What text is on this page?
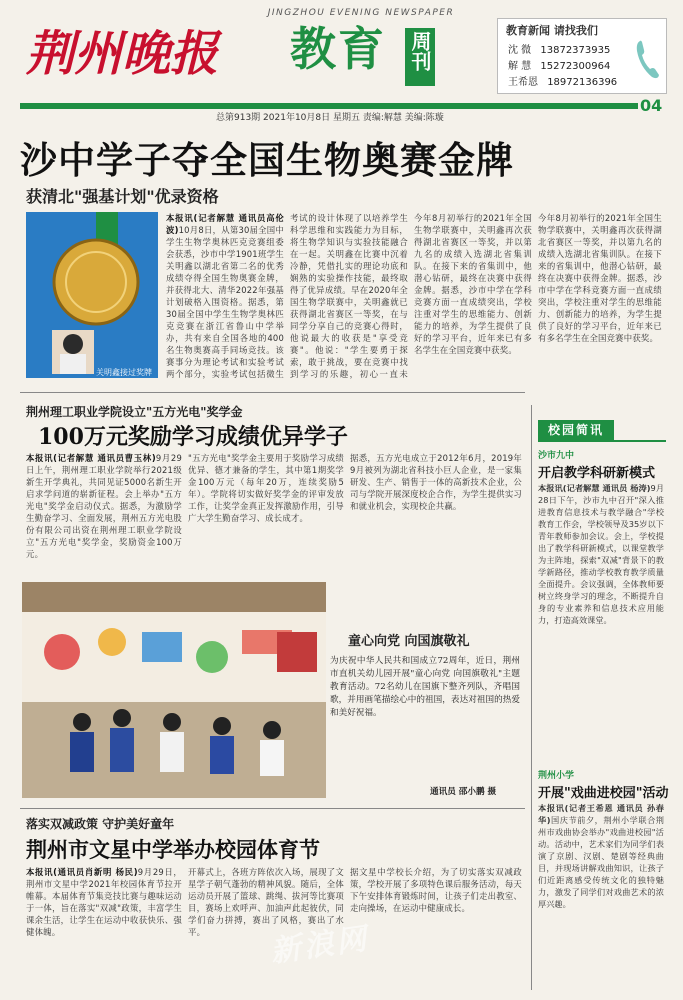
荆州晚报
JINGZHOU EVENING NEWSPAPER
教育 周刊
教育新闻 请找我们
沈 微 13872373935
解 慧 15272300964
王希恩 18972136396
04
总第913期 2021年10月8日 星期五 责编:解慧 美编:陈璇
沙中学子夺全国生物奥赛金牌
获清北"强基计划"优录资格
关明鑫接过奖牌
本报讯(记者解慧 通讯员高伦波)10月8日，从第30届全国中学生生物学奥林匹克竞赛组委会获悉，沙市中学1901班学生关明鑫以湖北省第二名的优秀成绩夺得全国生物奥赛金牌，并获得北大、清华2022年强基计划破格入围资格。据悉，第30届全国中学生生物学奥林匹克竞赛在浙江省鲁山中学举办，共有来自全国各地的400名生物奥赛高手同场竞技。该赛事分为理论考试和实验考试两个部分，实验考试包括微生
考试的设计体现了以培养学生科学思维和实践能力为目标，将生物学知识与实验技能融合在一起。关明鑫在比赛中沉着冷静，凭借扎实的理论功底和娴熟的实验操作技能，最终取得了优异成绩。早在2020年全国生物学联赛中，关明鑫就已获得湖北省赛区一等奖，在与同学分享自己的竞赛心得时，他说最大的收获是"享受竞赛"。他说："学生要勇于探索，敢于挑战，要在竞赛中找到学习的乐趣，初心一直未
今年8月初举行的2021年全国生物学联赛中，关明鑫再次获得湖北省赛区一等奖，并以第九名的成绩入选湖北省集训队。在接下来的省集训中，他潜心钻研，最终在决赛中获得金牌。据悉，沙市中学在学科竞赛方面一直成绩突出，学校注重对学生的思维能力、创新能力的培养，为学生提供了良好的学习平台，近年来已有多名学生在全国竞赛中获奖。
今年8月初举行的2021年全国生物学联赛中，关明鑫再次获得湖北省赛区一等奖，并以第九名的成绩入选湖北省集训队。在接下来的省集训中，他潜心钻研，最终在决赛中获得金牌。据悉，沙市中学在学科竞赛方面一直成绩突出，学校注重对学生的思维能力、创新能力的培养，为学生提供了良好的学习平台，近年来已有多名学生在全国竞赛中获奖。
荆州理工职业学院设立"五方光电"奖学金
100万元奖励学习成绩优异学子
本报讯(记者解慧 通讯员曹玉林)9月29日上午，荆州理工职业学院举行2021级新生开学典礼，共同见证5000名新生开启求学问道的崭新征程。会上举办"五方光电"奖学金启动仪式。据悉，为激励学生勤奋学习、全面发展，荆州五方光电股份有限公司出资在荆州理工职业学院设立"五方光电"奖学金，奖励资金100万元。
"五方光电"奖学金主要用于奖励学习成绩优异、德才兼备的学生，其中第1期奖学金100万元（每年20万，连续奖励5年）。学院将切实做好奖学金的评审发放工作，让奖学金真正发挥激励作用，引导广大学生勤奋学习、成长成才。
据悉，五方光电成立于2012年6月，2019年9月被列为湖北省科技小巨人企业，是一家集研发、生产、销售于一体的高新技术企业，公司与学院开展深度校企合作，为学生提供实习和就业机会，实现校企共赢。
童心向党 向国旗敬礼
为庆祝中华人民共和国成立72周年，近日，荆州市直机关幼儿园开展"童心向党 向国旗敬礼"主题教育活动。72名幼儿在国旗下整齐列队，齐唱国歌，并用画笔描绘心中的祖国，表达对祖国的热爱和美好祝福。
通讯员 邵小鹏 摄
落实双减政策 守护美好童年
荆州市文星中学举办校园体育节
本报讯(通讯员肖新明 杨民)9月29日，荆州市文星中学2021年校园体育节拉开帷幕。本届体育节集竞技比赛与趣味运动于一体，旨在落实"双减"政策，丰富学生课余生活，让学生在运动中收获快乐、强健体魄。
开幕式上，各班方阵依次入场，展现了文星学子朝气蓬勃的精神风貌。随后，全体运动员开展了篮球、跳绳、拔河等比赛项目，赛场上欢呼声、加油声此起彼伏，同学们奋力拼搏，赛出了风格，赛出了水平。
据文星中学校长介绍，为了切实落实双减政策，学校开展了多项特色课后服务活动，每天下午安排体育锻炼时间，让孩子们走出教室、走向操场，在运动中健康成长。
校园简讯
沙市九中
开启教学科研新模式
本报讯(记者解慧 通讯员 杨涛)9月28日下午，沙市九中召开"深入推进教育信息技术与教学融合"学校教育工作会，学校领导及35岁以下青年教师参加会议。会上，学校提出了教学科研新模式，以课堂教学为主阵地，探索"双减"背景下的教学新路径，推动学校教育教学质量全面提升。会议强调，全体教师要树立终身学习的理念，不断提升自身的专业素养和信息技术应用能力，打造高效课堂。
荆州小学
开展"戏曲进校园"活动
本报讯(记者王希恩 通讯员 孙春华)国庆节前夕，荆州小学联合荆州市戏曲协会举办"戏曲进校园"活动。活动中，艺术家们为同学们表演了京剧、汉剧、楚剧等经典曲目，并现场讲解戏曲知识，让孩子们近距离感受传统文化的独特魅力，激发了同学们对戏曲艺术的浓厚兴趣。
新浪网
